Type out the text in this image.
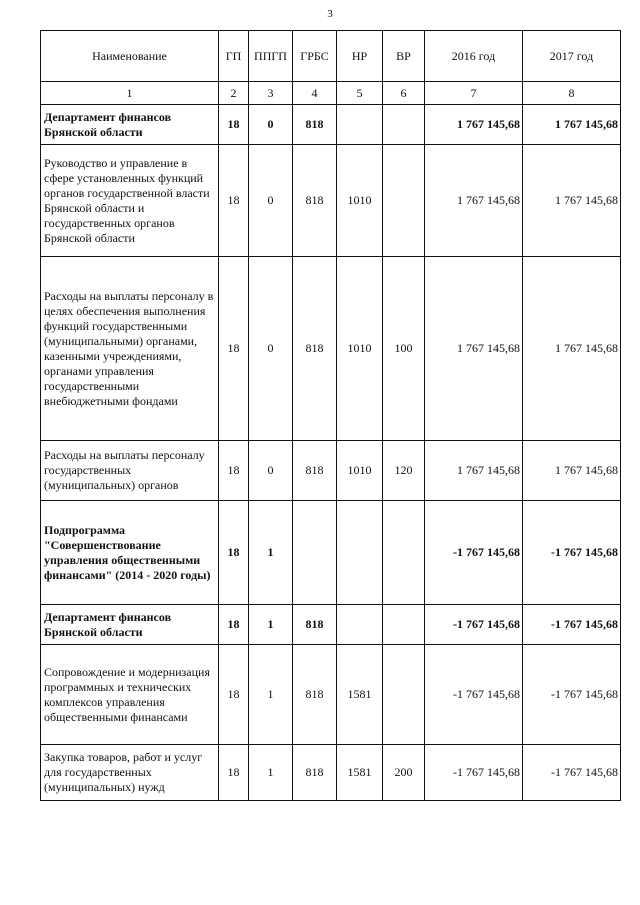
3
Наименование	ГП	ППГП	ГРБС	НР	ВР	2016 год	2017 год
1	2	3	4	5	6	7	8
Департамент финансов Брянской области	18	0	818			1 767 145,68	1 767 145,68
Руководство и управление в сфере установленных функций органов государственной власти Брянской области и государственных органов Брянской области	18	0	818	1010		1 767 145,68	1 767 145,68
Расходы на выплаты персоналу в целях обеспечения выполнения функций государственными (муниципальными) органами, казенными учреждениями, органами управления государственными внебюджетными фондами	18	0	818	1010	100	1 767 145,68	1 767 145,68
Расходы на выплаты персоналу государственных (муниципальных) органов	18	0	818	1010	120	1 767 145,68	1 767 145,68
Подпрограмма "Совершенствование управления общественными финансами" (2014 - 2020 годы)	18	1				-1 767 145,68	-1 767 145,68
Департамент финансов Брянской области	18	1	818			-1 767 145,68	-1 767 145,68
Сопровождение и модернизация программных и технических комплексов управления общественными финансами	18	1	818	1581		-1 767 145,68	-1 767 145,68
Закупка товаров, работ и услуг для государственных (муниципальных) нужд	18	1	818	1581	200	-1 767 145,68	-1 767 145,68
